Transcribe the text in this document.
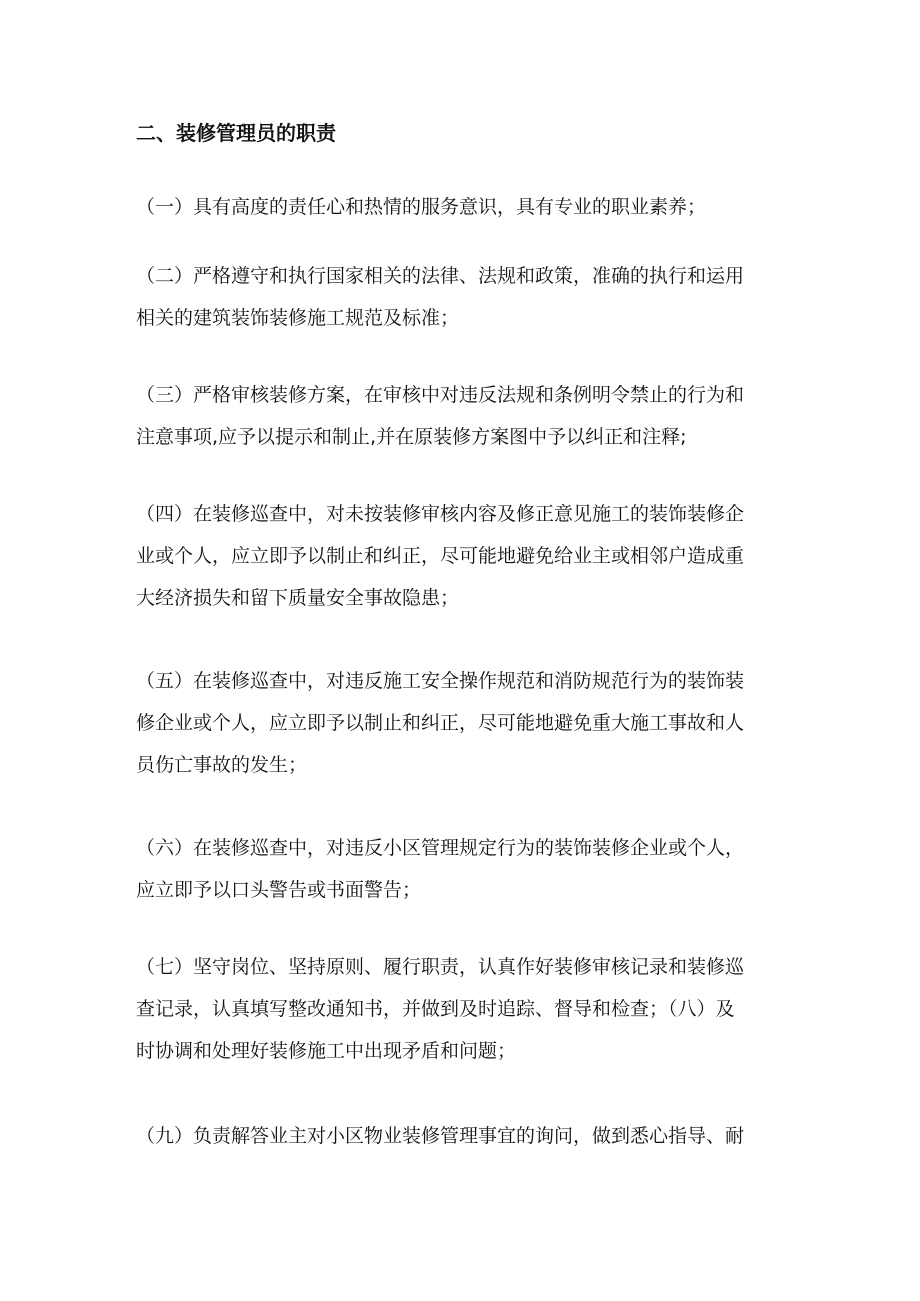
二、装修管理员的职责

（一）具有高度的责任心和热情的服务意识，具有专业的职业素养；

（二）严格遵守和执行国家相关的法律、法规和政策，准确的执行和运用
相关的建筑装饰装修施工规范及标准；

（三）严格审核装修方案，在审核中对违反法规和条例明令禁止的行为和
注意事项,应予以提示和制止,并在原装修方案图中予以纠正和注释;

（四）在装修巡查中，对未按装修审核内容及修正意见施工的装饰装修企
业或个人，应立即予以制止和纠正，尽可能地避免给业主或相邻户造成重
大经济损失和留下质量安全事故隐患；

（五）在装修巡查中，对违反施工安全操作规范和消防规范行为的装饰装
修企业或个人，应立即予以制止和纠正，尽可能地避免重大施工事故和人
员伤亡事故的发生；

（六）在装修巡查中，对违反小区管理规定行为的装饰装修企业或个人，
应立即予以口头警告或书面警告；

（七）坚守岗位、坚持原则、履行职责，认真作好装修审核记录和装修巡
查记录，认真填写整改通知书，并做到及时追踪、督导和检查；（八）及
时协调和处理好装修施工中出现矛盾和问题；

（九）负责解答业主对小区物业装修管理事宜的询问，做到悉心指导、耐
